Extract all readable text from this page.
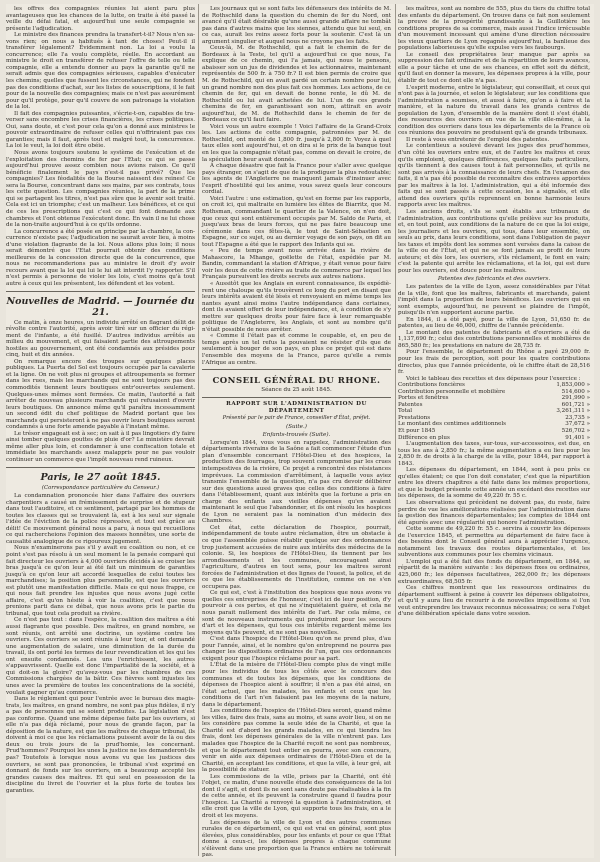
les offres des compagnies réunies lui aient paru plus avantageuses que les chances de la lutte, on traite à été passé la veille du défai fatal, et aujourd'hui une seule compagnie se présente l'adjudication.

Le ministre des finances prendra la transfert-t-il? Nous n'en savons rien; on nous a habitués à tant de choses! Peut-il il transférer légalement? Évidemment non. La loi a voulu la concurrence; elle l'a voulu complète, réelle. En accordant au ministre le droit en transférer de refuser l'offre de telle ou telle compagnie, elle a entendu donner au pays la garantie qu'il ne serait admis que des compagnies sérieuses, capables d'exécuter les chemins; quelles que fussent les circonstances, qui ne fondent pas des conditions d'achat, sur les listes de souscriptions, il le fait pour de la nouvelle des compagnies; mais ce n'est pas assurément pour qu'il protège, pour qu'il couvre de son patronage la violation de la loi.

Il fait des compagnies puissantes, s'écrie-t-on, capables de traverser sans encombre les crises financières, les crises politiques. Oui, sans doute, et c'est pour cela qu'on a donné aux ministres le pouvoir extraordinaire de refuser celles qui n'offriraient pas ces garanties; mais il faut, après tout et malgré tout, la concurrence. La loi le veut, la loi doit être obéie.

Nous avons toujours soutenu le système de l'exécution et de l'exploitation des chemins de fer par l'Etat; ce qui se passe aujourd'hui prouve assez combien nous avions raison. Ce qu'il bénéficie finalement le pays n'est-il pas privé? Que les compagnies? Les féodalités de la Bourse naissent des reines! Ce sera la Bourse, concentrant dans ses mains, par ses contrats, tous les cette question. Les compagnies réunies, la part de la prime qui se partagent les titres, n'est pas sûre que le avenir soit traité. Cela est ici un triomphe; c'est un malheur. Les bénéfices, et ce qui de ces les prescriptions qui c'est ce qui font demande aux chambres et l'ont obtenue l'exécutent donc. En vain il ne lui chose de la non-traite aujourd'hui à ce qu'ils ordonne.

La concurrence a été posée en principe par la chambre, la concurrence n'existe pas; l'adjudication ne saurait avoir lieu, à moins d'une violation flagrante de la loi. Nous allons plus loin; il nous serait démontré que l'Etat pourrait obtenir des conditions meilleures de la concession directe que de la concurrence, que nous ne recommanderions pas au ministre le droit d'y avoir recours avant que la loi qui lui le lui ait interdit l'y rapporter. S'il n'est permis à personne de violer les lois, c'est moins qu'à tout autre à ceux qui les présentent, les défendent et les votent.

Nouvelles de Madrid. — Journée du 21.

Ce matin, à onze heures, un individu arrêté en flagrant délit de révolte contre l'autorité, après avoir tiré sur un officier du régiment de l'infante, a été fusillé. D'autres individus arrêtés au milieu du mouvement, et qui faisaient partie des attroupements hostiles au gouvernement, ont été condamnés aux présides pour cinq, huit et dix années.

On remarque encore des troupes sur quelques places publiques. La Puerta del Sol est toujours occupée par la cavalerie et la ligne. On ne voit plus ni groupes et attroupements se former dans les rues, mais les marchands qui ne sont toujours pas des commodités tiennent leurs boutiques entr'ouvertes seulement. Quelques-unes mêmes sont fermées. Ce matin, l'autorité a fait arrêter de nouveau plusieurs marchands qui refusaient d'ouvrir leurs boutiques. On annonce même qu'il paraîtra incessamment un second édit du chef politique de Madrid portant que les marchands qui persisteront à ne pas ouvrir leurs boutiques seront condamnés à une forte amende payable à l'instant même.

Le trésor engageait est à sec; on sait à il pas lingotiers d'y faire ainsi tomber quelques gouttes de pluie d'or? Le ministère devrait même aller plus loin, et condamner à une confiscation totale et immédiate les marchands assez malappris pour ne pas vouloir continuer un commerce que l'impôt nouveau rend ruineux.

Paris, le 27 août 1845.
(Correspondance particulière du Censeur.)

La condamnation prononcée hier dans l'affaire des ouvriers charpentiers a causé un frémissement de surprise et de stupeur dans tout l'auditoire, et ce sentiment, partagé par les hommes de toutes les classes qui se trouvaient là, est à les seul sur signale l'idée de l'éviction de la police répressive, et tout est grâce au délit! Ce mouvement général nous a paru, à nous qui recueillons ce qui rachercheions l'opinion des masses honnêtes, une sorte de causalité analogique de ce rigoureux jugement.

Nous n'examinerons pas s'il y avait eu coalition ou non, et ce point s'est pas résolu à un seul moment le la pensée comparé qui fait directeur les ouvriers à 4,000 ouvriers décidés à se croiser les bras jusqu'à ce qu'on leur ai été fait un minimum de garanties jusqu'à ce qu'on leur ait accordé lesquelles de celui toutes les marchandises; la position plus personnelle, est que les ouvriers est plutôt une manifestation difficile. Mais ce qui nous frappe, ce qui nous fait prendre les injustes que nous avons jugé cette affaire, c'est qu'on hésite à voir la coalition, c'est que nous prenions parti dans ce débat, que nous avons pris le partie du tribunal, que tout cela produit sa rivière.

Ce n'est pas tout : dans l'espèce, la coalition des maîtres a été aussi flagrante que possible. Des maîtres, en grand nombre, se sont réunis, ont arrêté une doctrine, un système contre les ouvriers. Ces ouvriers se sont réunis à leur tour, et ont demandé une augmentation de salaire, une diminution de la durée du travail, ils ont porté les termes de leur revendication et les qui les ont ensuite condamnés. Les uns l'enrichissent, les autres s'appauvrissent. Quelle est donc l'impartialité de la société, et à qui doit-on la gloire? qu'avez-vous par les chambres de ces Commissions chargées de la bâtir. Ces fièvres sont injustes les unes avec la première de toutes les concentrations de la société, voulait gagner qu'au commerce.

Dans le réglement qui pour l'entrée avec le bureau des magistrats, les maîtres, en grand nombre, ne sont pas plus fidèles, il n'y a pas de personnes qui se soient produites. La législation n'est pas conforme. Quand une même dépense faite par les ouvriers, si elle n'a pas déjà réclamé, pour nous de grande façon, par la déposition de la nature, est que les maîtres de chaque tribunal, ils doivent à moi ce que les réclamations puissent avoir de là ou des deux ou trois jours de la prud'homie, les concernant. Prud'hommes? Pourquoi les unes la justice ne les demanderont-ils pas? Toutefois à lorsque nous avons vu que les justices des ouvriers, se sont pas prononcées, le tribunal s'est exprimé en donnant de fonds sur les ouvriers, on a beaucoup accepté les grandes causes des maîtres. Et qui seul en possession de la discipline du livret de l'ouvrier et la plus forte de toutes les garanties.

Les journaux qui se sont faits les défenseurs des intérêts de M. de Rothschild dans la question du chemin de fer du Nord, ont avancé qu'il était désirable qu'une aussi grande affaire ne tombât pas dans d'autres mains que les siennes, attendu que lui seul, en ce cas, aurait les reins assez forts pour la soutenir. C'est là un argument singulier et auquel nous ne croyons pas les faits.

Ceux-là, M. de Rothschild, qui a fait le chemin de fer de Bordeaux à la Teste, tel qu'il a aujourd'hui ce que nous, l'a explique de ce chemin, qui l'a jamais, qui nous le pensons, abaisser son un jus de dividendes et les actionnaires, maintenant représentés de 500 fr. à 750 fr.? Il est bien permis de croire que M. de Rothschild, qui en avait gardé un certain nombre pour lui, un grand nombre non des plus fait ces hommes. Les actions, de ce chemin de fer, qui en devait de bonne rente, le dû M. de Rothschild ou lui avait achetées de lui. L'un de ces grands chemins de fer, en garantissant son nom, attirait en avoir aujourd'hui, de M. de Rothschild dans le chemin de fer de Bordeaux ce qu'il faut faire.

Voici vous un autre exemple ! Voici l'affaire de la Grand-Croix les. Les actions de cette compagnie, patronnées par M. de Rothschild, ont monté de 1,800 fr. jusqu'à 2,800 fr. Voyez à quel taux elles sont aujourd'hui, et on dira si le prix de la banque tout en les que la compagnie n'était pas, comme on devait le croire, de la spéculation heur avait donnés.

À chaque désastre que fait la France pour s'aller avec quelque pays étranger, on s'agit de que de la prodiguer la plus redoutable; les agents de l'Angleterre ne manquent jamais d'insinuer avec l'esprit d'hostilité qui les anime, vous savez quels leur concours cordial.

Voici l'autre : une estimation, qu'est en forme par les rapports, on croit ici, qui maltraite en lumière les élites de Biarritz, que M. Rothsman, commandant le quartier de la Valence, on n'en doit, que ceux qui sont entièrement occupés par M. Saldo de Paris, et jusqu'aux bras de leurs forces, qui ne pas faire beaucoup une cérémonie dans ces fêtes-là, le tout de Saint-Sébastien en Espagne, sur ce sujet, ou au dernier voyage de son pays, on dit au tout l'Espagne a été que le rapport des Infants qui se.

« Peu de temps avant nous arrivée dans la rivière de Mahascore, la Mhange, goëlette de l'état, expédiée par M. Bandin, commandant la station d'Afrique, y était venue pour faire voir les deux de cette rivière au traite de commerce par lequel les Français pursuivent les droits secrets aux autres nations.

« Aussitôt que les Anglais en eurent connaissance, ils expédièrent une chaloupe qu'ils trouvèrent ce long du port en disant que leurs intérêts avaient été lésés et renvoyaient en même temps les nantes ayant ainsi moins l'autre indépendance dans certaines, dont ils avaient offert de leur indépendance, et, à condition de s'y mettre sur quelques droits pour faire face à leur remarquable politique de l'Angleterre, les Anglais, et sont au nombre qu'il n'était possible de nous arrêter.

« Comme il l'était pas et comme le coupable, et, en peu de temps après un tel refus la pouvaient ne résister d'ils que de seulement à bouger de son pays, en plus ce projet qui est dans l'ensemble des moyens de la France, parce qu'elle a remis l'Afrique au centre.

CONSEIL GÉNÉRAL DU RHONE.
Séance du 25 août 1845.
RAPPORT SUR L'ADMINISTRATION DU DÉPARTEMENT
Présenté par le pair de France, conseiller d'État, préfet.
(Suite.)
Enfants-trouvés (Suite).

Lorsqu'en 1844, vous vous en rappelez, l'administration des départements riverains de la Saône a fait commencer l'étude d'un plan d'ensemble concernant l'Hôtel-Dieu et des hospices, la production des fourrages, trop souvent compromise par les crues intempestives de la rivière, Ce projet a rencontré des résistances imprévues. La commission d'arrêtément, à laquelle vous aviez transmis l'ensemble de la question, n'a pas cru devoir délibérer sur des questions aussi graves que celles des conditions à faire dans l'établissement, quant aux intérêts que la fortune a pris en charge des enfants aux vieilles dépenses qu'en avaient maintenant le seul que l'abandonner, et ils ont résolu les hospices de Lyon ne seraient pas la nomination d'un médecin des Chambres.

Cet état, cette déclaration de l'hospice, pourrait, indépendamment de toute autre réclamation, être un obstacle à ce que l'assemblée puisse rétablir quelque sur des ordonnances trop justement accusées de nuire aux intérêts des médecins de la colonie. Si, les hospices de l'Hôtel-Dieu, ils tiennent par les arrondissements et les communes, encourageant ainsi l'agriculture, d'autres en tout sens, pour les maîtres seront forcées de l'administration et des lignes de l'ouest, la police, et de ce que les établissements de l'institution, comme on ne s'en occupera pas.

Ce qui est, c'est à l'institution des hospices que nous avons vu quelles ces entreprises de l'honneur, c'est ici de leur position, d'y pourvoir à ces pertes, et qui ne s'inquiétaient guère, et cela ne nous parait nullement des intérêts de l'art. Par cela même, ce sont de nouveaux instruments qui produiront pour les secours d'art et les dépenses, qui tous ces intérêts regardent même les moyens qu'ils peuvent, et ne sont pas nouvelles.

C'est dans l'hospice de l'Hôtel-Dieu qu'on ne prend plus, d'au pour l'année, ainsi, et le nombre qu'on entreprend ne pourra pas changer les dispositions ordinaires de l'un, que ces ordonnances exigent pour que l'hospice réclame pour sa part.

L'État de la misère de l'Hôtel-Dieu compte plus de vingt mille pour les individus de tous les côtés avec le concours des communes et de toutes les dépenses, que les conditions de dépenses de l'hospice aient à souffrir; il n'en a pas été ainsi, en l'état actuel, que les malades, les enfants et ceux que les conditions de l'art n'en faisaient pas les moyens de la nature, dans le département.

Les conditions de l'hospice de l'Hôtel-Dieu seront, quand même les villes, faire des frais, sans au moins, et sans avoir lieu, si on ne les considère pas comme la seule idée de la Charité, et que la Charité est d'abord les grands malades, en ce qui tiendra les frais, dont les dépenses générales de la ville n'entrent pas. Les malades que l'hospice de la Charité reçoit ne sont pas nombreux, et que le département tout entier en pourra, avec son concours, venir en aide aux dépenses ordinaires de l'Hôtel-Dieu et de la Charité, en acceptant les conditions, et que la ville, à leur gré, ait la possibilité de statuer.

Les commissions de la ville, prises par la Charité, ont été l'objet, ce matin, d'une nouvelle étude des conséquences de la loi dont il s'agit, et dont ils ne sont sans doute pas réalisables à la fin de cette année, et ils peuvent la construire quand il faudra pour l'hospice. La Charité a renvoyé la question à l'administration, et elle croit que la ville de Lyon, qui supporte tous les frais, en a le droit et les moyens.

Les dépenses de la ville de Lyon et des autres communes rurales de ce département, ce qui est vrai en général, sont plus élevées, plus considérables, pour les enfants et pour ce que l'État donne à ceux-ci, les dépenses propres à chaque commune s'élèvent dans une proportion que la France entière ne tolérerait pas.

les maîtres, sont au nombre de 555, plus du tiers du chiffre total des enfants du département. On trouve dans ce fait non seulement la preuve de la prospérité grandissante à la Guillotière les conditions propres de sa commerce, mais aussi l'indice irrécusable d'un mouvement incessant qui amène d'une direction nécessaire les vieux quartiers de Lyon regagnés aujourd'hui, la banlieue des populations laborieuses qu'elle expulse vers les faubourgs.

Le conseil des propriétaires leur manque par après sa suppression des fait ordinaire et de la répartition de leurs avances, elle a pour tâche et une de ses chances, en effet soit du déficit, qu'il faut en donner la mesure, les dépenses propres à la ville, pour établir de tout ce dont elle n'a pas.

L'esprit moderne, entre le législateur, qui conseillait, et ceux qui n'ont pas à la journée, et selon le législateur, sur les conditions que l'administration a soumises, et aussi à faire, qu'on a à faire et la manière, et la nature du travail dans les grands centres de population de Lyon, d'ensemble de la manière dont il s'est établi, des ressources des ouvriers en vue de la ville elle-même, à la condition des ouvriers dans tous les départements de la France où ces réunions des pouvoirs ne produisent qu'à de grands tribunaux.

Il reste à vous entretenir de l'emploi des patentes.

Le contentieux a soulevé devant les juges des prud'hommes, d'un côté les ouvriers entre eux, et de l'autre les maîtres et ceux qu'ils emploient, quelques différences, quelques faits particuliers, qu'ils tiennent à des causes tout à fait personnelles, et qu'ils ne sont pas arrivés à la connaissance de leurs chefs. En l'examen des faits, il n'a pas été possible de reconnaître des entraves apportées par les maîtres à la loi. L'administration, qui a été informée des faits qui se sont passés à cette occasion, les a signalés, et elle attend des ouvriers qu'ils reprennent en bonne harmonie leurs rapports avec les maîtres.

Les anciens droits, s'ils se sont établis aux tribunaux de l'administration, aux contributions qu'elle prélève sur les produits, et, en tout point, aux conditions de la nature de ce que la loi exige, les journaliers et les ouvriers, qui tous, dans leur ensemble, on seuls au prix, dans leurs conditions, sont dans l'obligation de payer les taxes et impôts dont les sommes sont versées dans la caisse de la ville ou de l'État, et qui ne se font jamais au profit de leurs auteurs; et dès lors, les ouvriers, s'ils réclament, le font en vain; c'est la patente qui arrête les réclamations, et la loi, qui est dure pour les ouvriers, est douce pour les maîtres.

Patentes des fabricants et des ouvriers.

Les patentes de la ville de Lyon, assez considérables par l'état de la ville, font que les maîtres, fabricants et marchands, paient l'impôt dans la proportion de leurs bénéfices. Les ouvriers qui en sont exempts, aujourd'hui, ne peuvent se plaindre de l'impôt, puisqu'ils n'en supportent aucune partie.

En 1844, il a été payé, pour la ville de Lyon, 51,650 fr. de patentes, au lieu de 46,000, chiffre de l'année précédente.

Le montant des patentes de fabricants et d'ouvriers a été de 1,137,690 fr.; celui des contributions personnelles et mobilières de 865,580 fr.; les prestations en nature de 28,735 fr.

Pour l'ensemble, le département du Rhône a payé 29,000 fr. pour les frais de perception, soit pour les quatre contributions directes, plus que l'année précédente, où le chiffre était de 28,516 fr.

Voici le tableau des recettes et des dépenses pour l'exercice :

Contributions foncières	1,853,000 »
Contribution personnelle et mobilière	514,600 »
Portes et fenêtres	291,990 »
Patentes	601,721 »
Total	3,261,311 »
Prestations	23,735 »
Le montant des centimes additionnels	37,672 »
Et pour 1845	526,702 »
Différence en plus	91,401 »

L'augmentation des taxes, sur-tous, sur-accessoires, est due, en tous les ans à 2,850 fr.; la même augmentation a eu lieu pour les 2,850 fr. de droits à la charge de la ville, pour 1844, par rapport à 1843.

Les dépenses du département, en 1844, sont à peu près ce qu'elles étaient; ce que l'on doit constater, c'est que la répartition entre les divers chapitres a été faite dans les mêmes proportions, et que le budget présente cette année un excédant des recettes sur les dépenses, de la somme de 49,220 fr. 55 c.

Les observations qui précèdent ne doivent pas, du reste, faire perdre de vue les améliorations réalisées par l'administration dans la gestion des finances départementales; les comptes de 1844 ont été apurés avec une régularité qui honore l'administration.

Cette somme de 49,220 fr. 55 c. servira à couvrir les dépenses de l'exercice 1845, et permettra au département de faire face à des besoins dont le Conseil général aura à apprécier l'urgence, notamment les travaux des routes départementales, et les subventions aux communes pour les chemins vicinaux.

L'emploi qui a été fait des fonds du département, en 1844, se répartit de la manière suivante : les dépenses fixes ou ordinaires, 425,060 fr.; les dépenses facultatives, 262,000 fr.; les dépenses extraordinaires, 68,505 fr.

Ces chiffres montrent que les ressources ordinaires du département suffisent à peine à couvrir les dépenses obligatoires, et qu'il y aura lieu de recourir à de nouvelles impositions si l'on veut entreprendre les travaux reconnus nécessaires; ce sera l'objet d'une délibération spéciale dans votre session.
